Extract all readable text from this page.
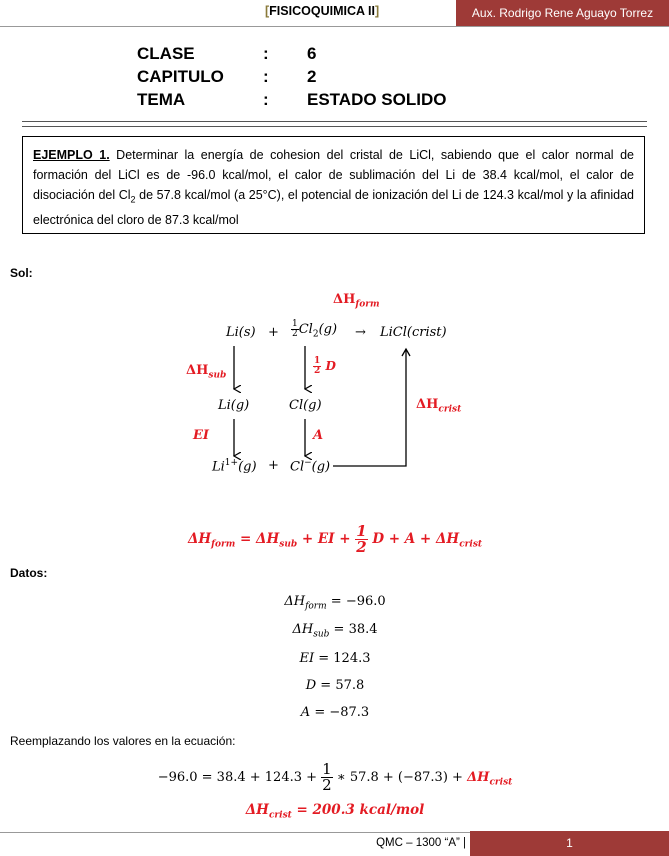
[FISICOQUIMICA II]	Aux. Rodrigo Rene Aguayo Torrez
CLASE	: 6
CAPITULO : 2
TEMA	: ESTADO SOLIDO
EJEMPLO 1. Determinar la energía de cohesion del cristal de LiCl, sabiendo que el calor normal de formación del LiCl es de -96.0 kcal/mol, el calor de sublimación del Li de 38.4 kcal/mol, el calor de disociación del $Cl_2$ de 57.8 kcal/mol (a 25°C), el potencial de ionización del Li de 124.3 kcal/mol y la afinidad electrónica del cloro de 87.3 kcal/mol
Sol:
$\Delta H_{form}$
$Li(s) + \frac{1}{2} Cl_2(g)$ → LiCl(crist)
$\Delta H_{sub}$	$\frac{1}{2}$ D
Li(g)	Cl(g)	$\Delta H_{crist}$
EI	A
$Li^{1+}(g) + Cl^-(g)$
$\Delta H_{form} = \Delta H_{sub}$ + EI + $\frac{1}{2}$ $D + A + \Delta H_{crist}$
Datos:
$\Delta H_{form} = -96.0$
$\Delta H_{sub} = 38.4$
EI = 124.3
D = 57.8
A = −87.3
Reemplazando los valores en la ecuación:
$-96.0 = 38.4 + 124.3 + \frac{1}{2}$ ∗ $57.8 + (-87.3) + \Delta H_{crist}$
$\Delta H_{crist} = 200.3$ kcal/mol
QMC – 1300 “A” |	1
